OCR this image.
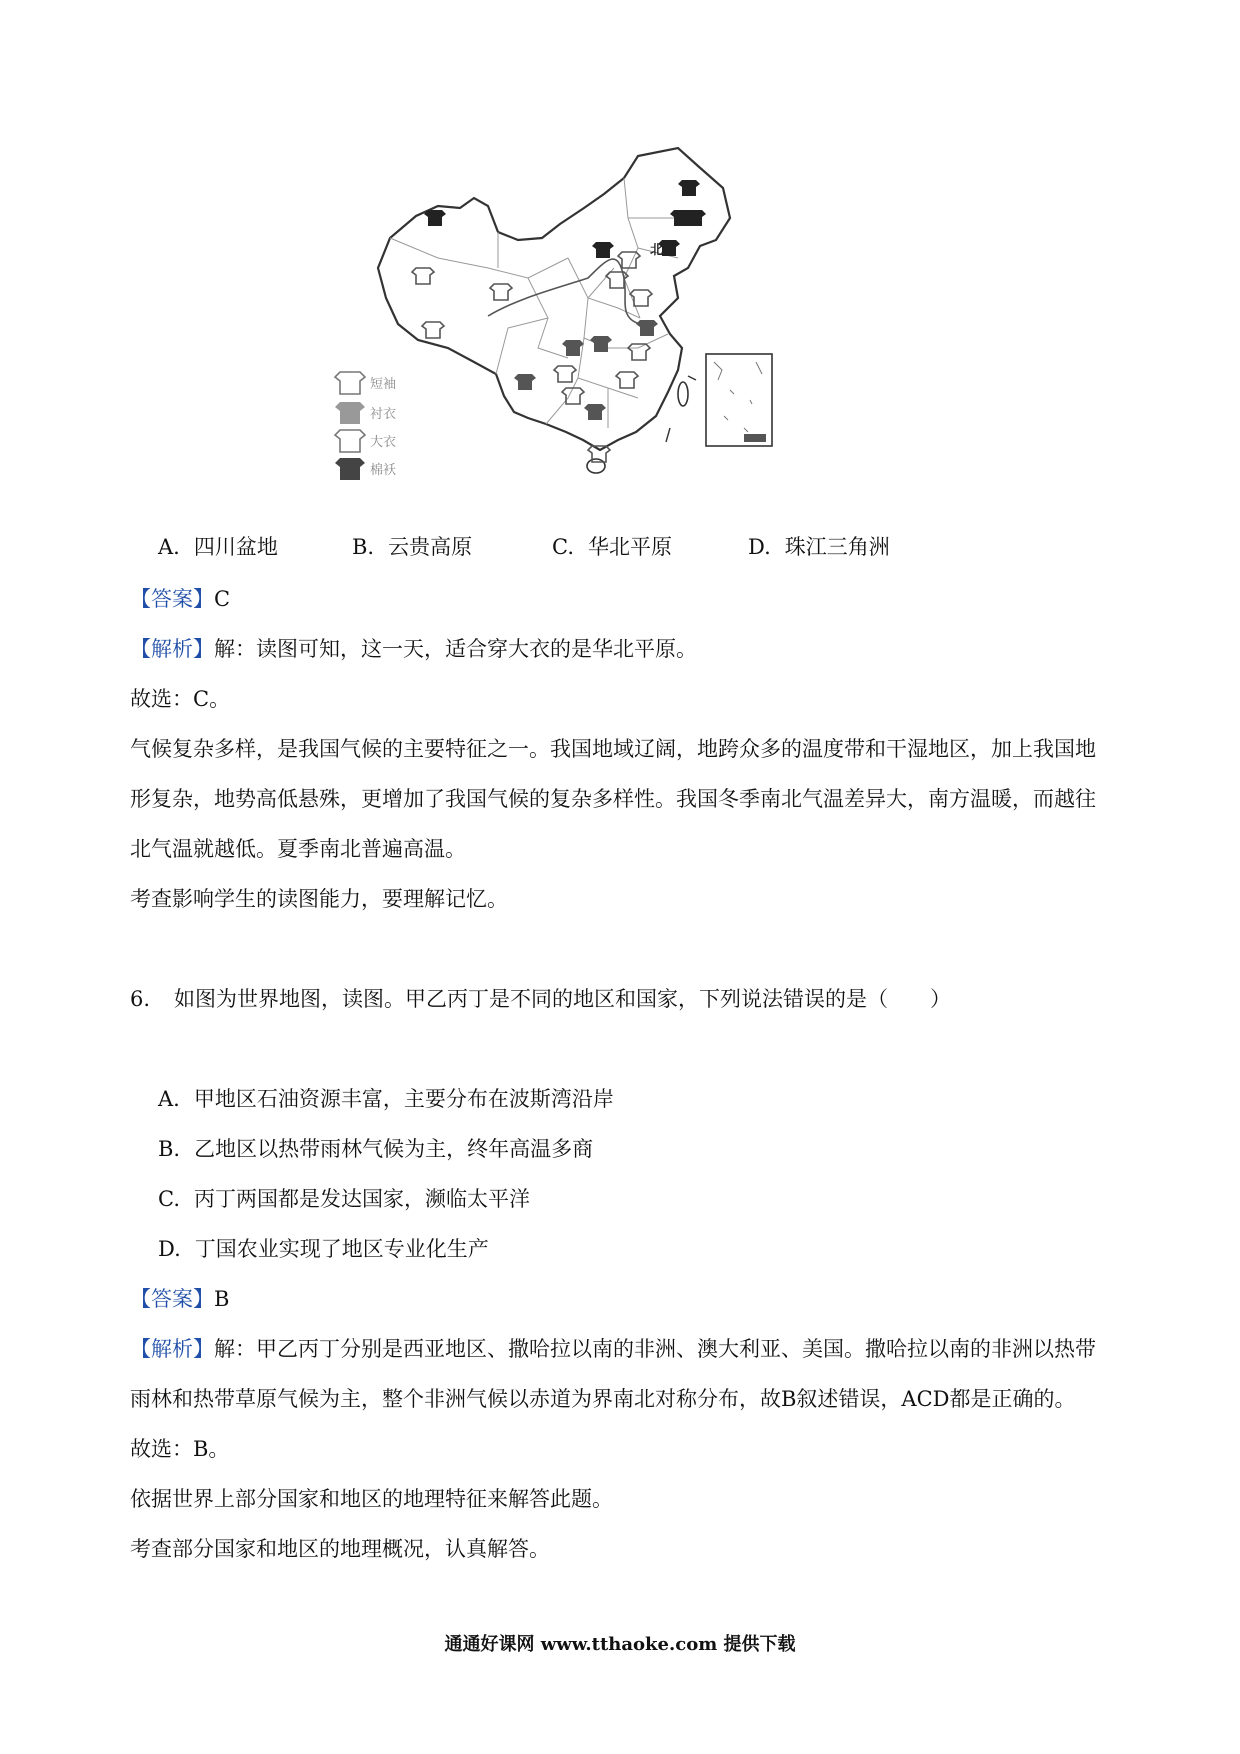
北京
短袖
衬衣
大衣
棉袄
A. 四川盆地	B. 云贵高原	C. 华北平原	D. 珠江三角洲
【答案】C
【解析】解：读图可知，这一天，适合穿大衣的是华北平原。
故选：C。
气候复杂多样，是我国气候的主要特征之一。我国地域辽阔，地跨众多的温度带和干湿地区，加上我国地
形复杂，地势高低悬殊，更增加了我国气候的复杂多样性。我国冬季南北气温差异大，南方温暖，而越往
北气温就越低。夏季南北普遍高温。
考查影响学生的读图能力，要理解记忆。
6. 如图为世界地图，读图。甲乙丙丁是不同的地区和国家，下列说法错误的是（　　）
A. 甲地区石油资源丰富，主要分布在波斯湾沿岸
B. 乙地区以热带雨林气候为主，终年高温多商
C. 丙丁两国都是发达国家，濒临太平洋
D. 丁国农业实现了地区专业化生产
【答案】B
【解析】解：甲乙丙丁分别是西亚地区、撒哈拉以南的非洲、澳大利亚、美国。撒哈拉以南的非洲以热带
雨林和热带草原气候为主，整个非洲气候以赤道为界南北对称分布，故B叙述错误，ACD都是正确的。
故选：B。
依据世界上部分国家和地区的地理特征来解答此题。
考查部分国家和地区的地理概况，认真解答。
通通好课网 www.tthaoke.com 提供下载
